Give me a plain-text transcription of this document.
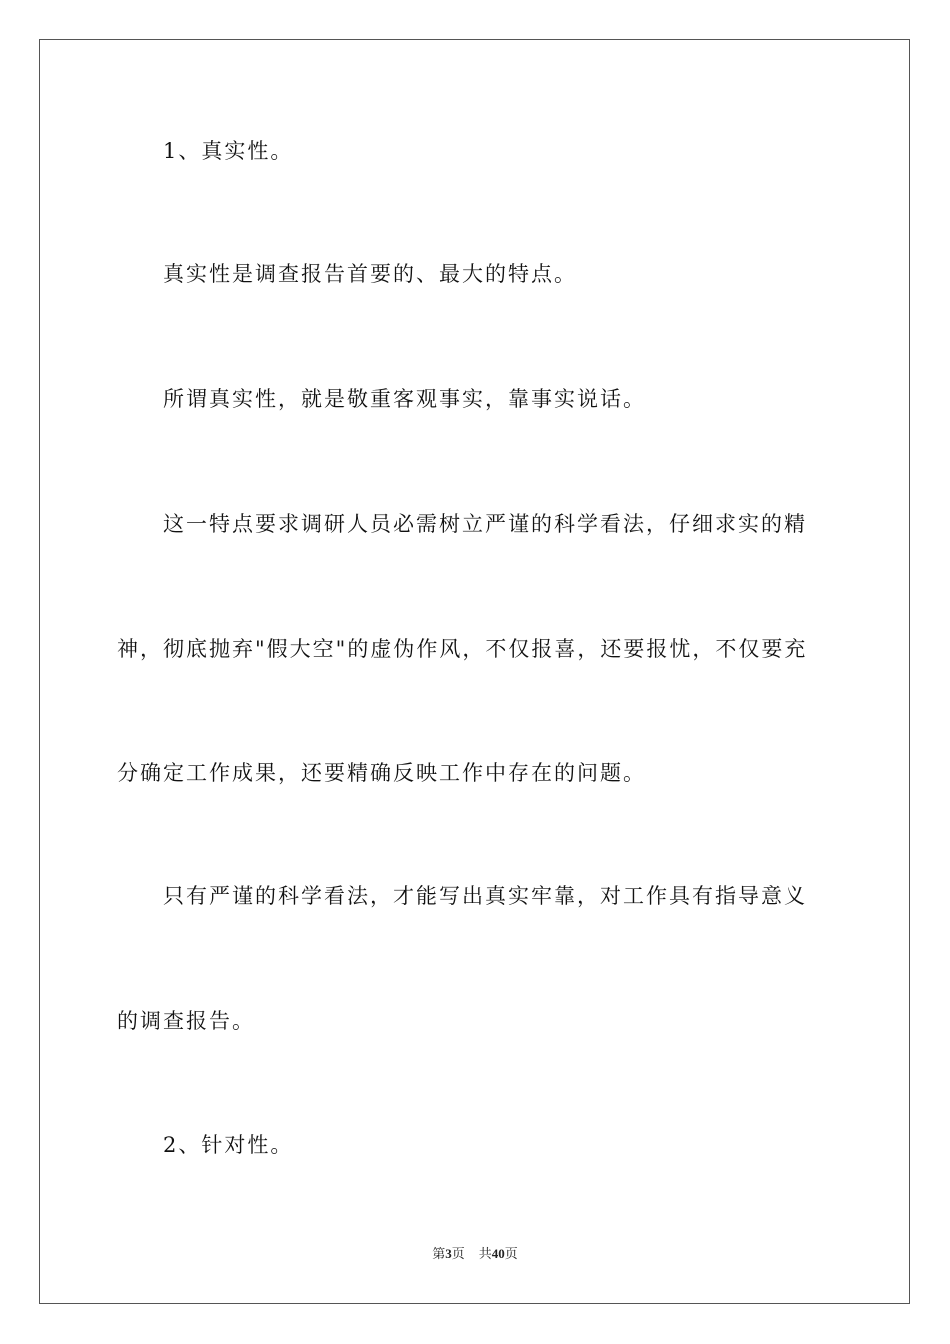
1、真实性。
真实性是调查报告首要的、最大的特点。
所谓真实性，就是敬重客观事实，靠事实说话。
这一特点要求调研人员必需树立严谨的科学看法，仔细求实的精
神，彻底抛弃"假大空"的虚伪作风，不仅报喜，还要报忧，不仅要充
分确定工作成果，还要精确反映工作中存在的问题。
只有严谨的科学看法，才能写出真实牢靠，对工作具有指导意义
的调查报告。
2、针对性。
第3页 共40页
